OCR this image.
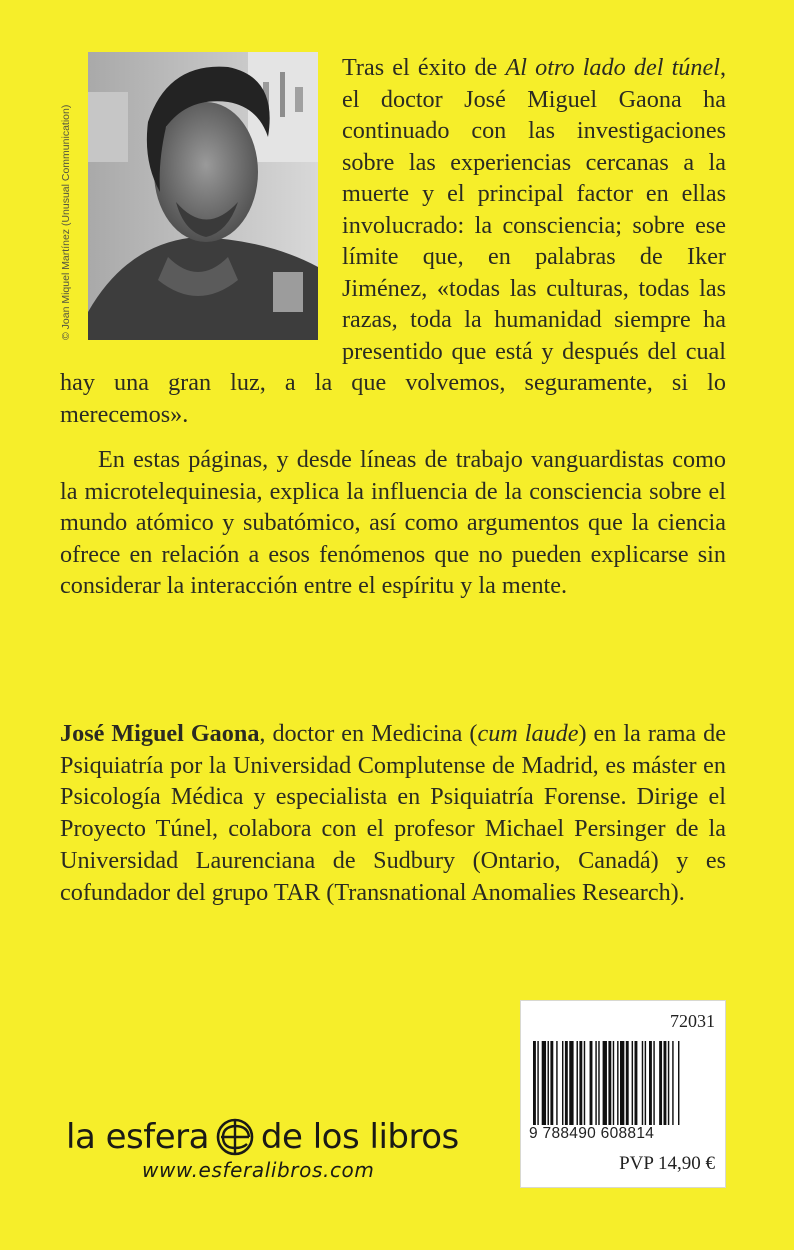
© Joan Miquel Martínez (Unusual Communication)

Tras el éxito de Al otro lado del túnel, el doctor José Miguel Gaona ha continuado con las investigaciones sobre las experiencias cercanas a la muerte y el principal factor en ellas involucrado: la consciencia; sobre ese límite que, en palabras de Iker Jiménez, «todas las culturas, todas las razas, toda la humanidad siempre ha presentido que está y después del cual hay una gran luz, a la que volvemos, seguramente, si lo merecemos».

En estas páginas, y desde líneas de trabajo vanguardistas como la microtelequinesia, explica la influencia de la consciencia sobre el mundo atómico y subatómico, así como argumentos que la ciencia ofrece en relación a esos fenómenos que no pueden explicarse sin considerar la interacción entre el espíritu y la mente.

José Miguel Gaona, doctor en Medicina (cum laude) en la rama de Psiquiatría por la Universidad Complutense de Madrid, es máster en Psicología Médica y especialista en Psiquiatría Forense. Dirige el Proyecto Túnel, colabora con el profesor Michael Persinger de la Universidad Laurenciana de Sudbury (Ontario, Canadá) y es cofundador del grupo TAR (Transnational Anomalies Research).

72031
9 788490 608814
PVP 14,90 €
la esfera de los libros
www.esferalibros.com
